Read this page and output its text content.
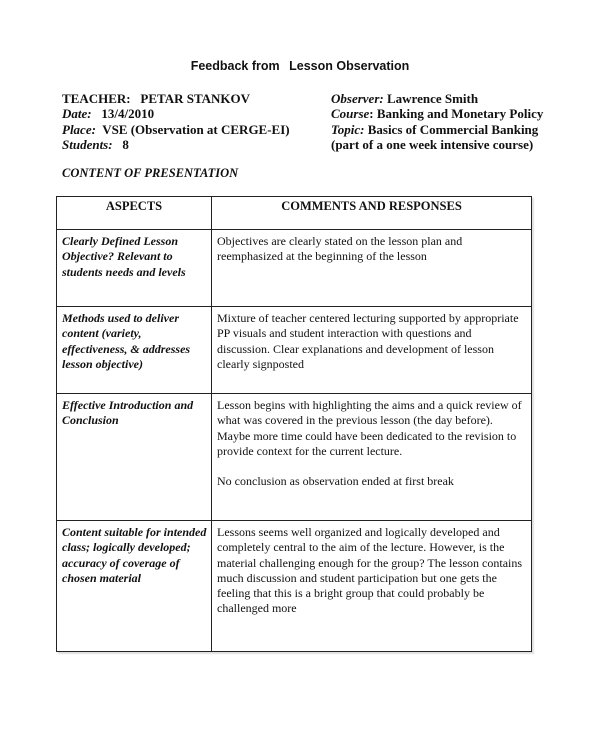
Feedback from Lesson Observation
TEACHER: PETAR STANKOV
Date: 13/4/2010
Place: VSE (Observation at CERGE-EI)
Students: 8
Observer: Lawrence Smith
Course: Banking and Monetary Policy
Topic: Basics of Commercial Banking
(part of a one week intensive course)
CONTENT OF PRESENTATION
ASPECTS	COMMENTS AND RESPONSES
Clearly Defined Lesson Objective? Relevant to students needs and levels	Objectives are clearly stated on the lesson plan and reemphasized at the beginning of the lesson

Methods used to deliver content (variety, effectiveness, & addresses lesson objective)	Mixture of teacher centered lecturing supported by appropriate PP visuals and student interaction with questions and discussion. Clear explanations and development of lesson clearly signposted

Effective Introduction and Conclusion	Lesson begins with highlighting the aims and a quick review of what was covered in the previous lesson (the day before). Maybe more time could have been dedicated to the revision to provide context for the current lecture.

No conclusion as observation ended at first break

Content suitable for intended class; logically developed; accuracy of coverage of chosen material	Lessons seems well organized and logically developed and completely central to the aim of the lecture. However, is the material challenging enough for the group? The lesson contains much discussion and student participation but one gets the feeling that this is a bright group that could probably be challenged more
